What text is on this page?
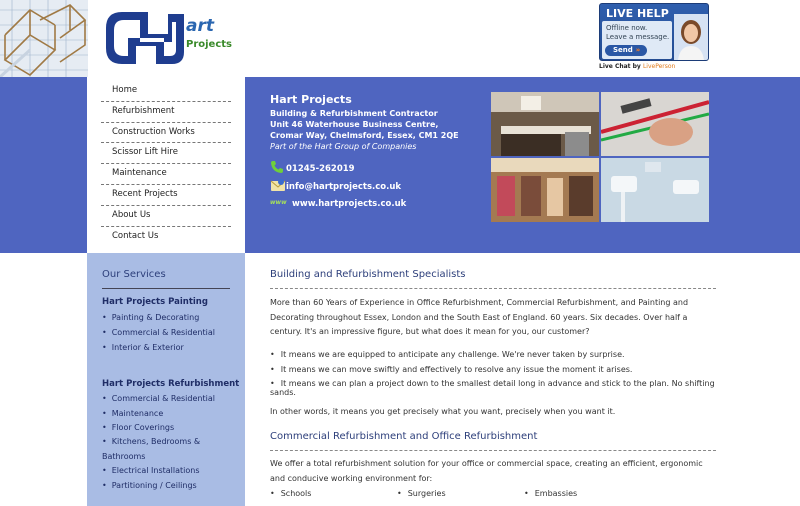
art
Projects
LIVE HELP
Offline now.
Leave a message.
Send »
Live Chat by LivePerson
Home
Refurbishment
Construction Works
Scissor Lift Hire
Maintenance
Recent Projects
About Us
Contact Us
Hart Projects
Building & Refurbishment Contractor
Unit 46 Waterhouse Business Centre,
Cromar Way, Chelmsford, Essex, CM1 2QE
Part of the Hart Group of Companies
01245-262019
info@hartprojects.co.uk
www www.hartprojects.co.uk
Our Services
Hart Projects Painting
• Painting & Decorating
• Commercial & Residential
• Interior & Exterior
Hart Projects Refurbishment
• Commercial & Residential
• Maintenance
• Floor Coverings
• Kitchens, Bedrooms &
Bathrooms
• Electrical Installations
• Partitioning / Ceilings
Building and Refurbishment Specialists
More than 60 Years of Experience in Office Refurbishment, Commercial Refurbishment, and Painting and Decorating throughout Essex, London and the South East of England. 60 years. Six decades. Over half a century. It's an impressive figure, but what does it mean for you, our customer?
• It means we are equipped to anticipate any challenge. We're never taken by surprise.
• It means we can move swiftly and effectively to resolve any issue the moment it arises.
• It means we can plan a project down to the smallest detail long in advance and stick to the plan. No shifting sands.
In other words, it means you get precisely what you want, precisely when you want it.
Commercial Refurbishment and Office Refurbishment
We offer a total refurbishment solution for your office or commercial space, creating an efficient, ergonomic and conducive working environment for:
• Schools	• Surgeries	• Embassies
